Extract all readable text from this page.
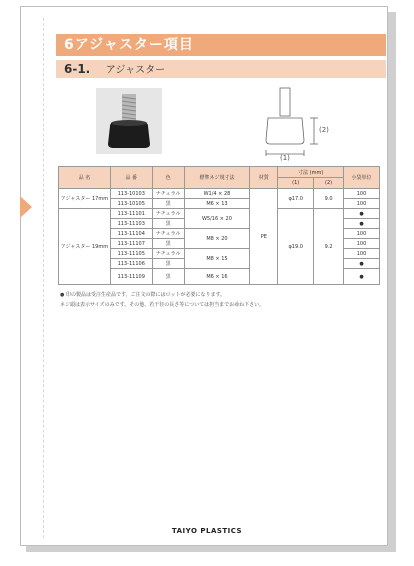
6アジャスター項目
6-1. アジャスター
(2)
(1)
品 名	品 番	色	標準ネジ規寸法	材質	寸法 (mm)		小袋単位
					(1)	(2)	
アジャスター 17mm	113-10103	ナチュラル	W1/4 × 28	PE	φ17.0	9.0	100
	113-10105	黒	M6 × 13				100
アジャスター 19mm	113-11101	ナチュラル	W5/16 × 20		φ19.0	9.2	●
	113-11103	黒					●
	113-11104	ナチュラル	M8 × 20				100
	113-11107	黒					100
	113-11105	ナチュラル	M8 × 15				100
	113-11106	黒					●
	113-11109	黒	M6 × 16				●
● 印の製品は受注生産品です。ご注文の際にはロットが必要になります。
ネジ頭は表示サイズのみです。その他、若干径の長さ等については担当までお尋ね下さい。
TAIYO PLASTICS
